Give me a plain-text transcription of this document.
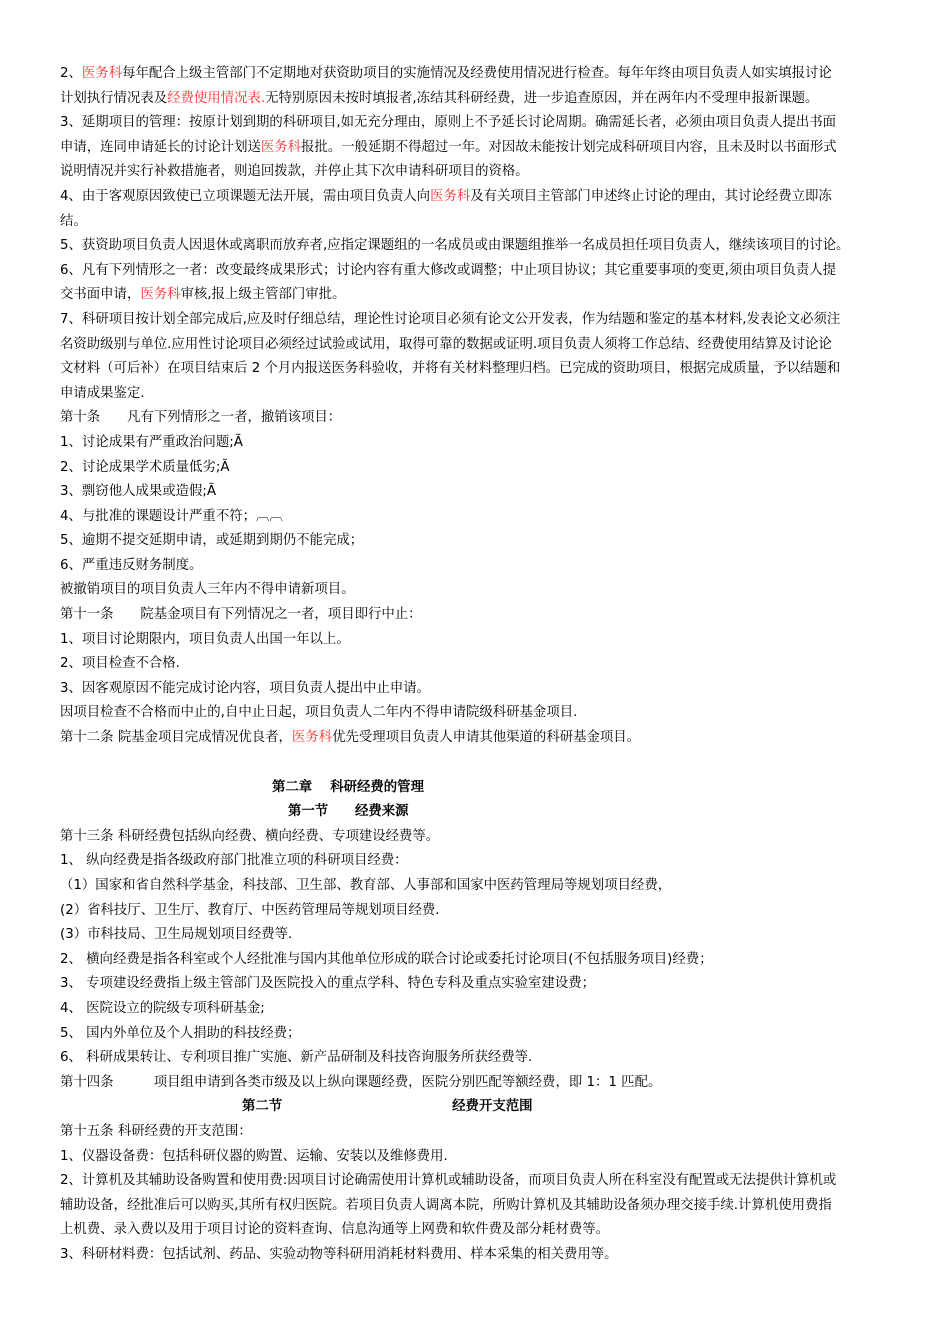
2、医务科每年配合上级主管部门不定期地对获资助项目的实施情况及经费使用情况进行检查。每年年终由项目负责人如实填报讨论
计划执行情况表及经费使用情况表.无特别原因未按时填报者,冻结其科研经费，进一步追查原因，并在两年内不受理申报新课题。
3、延期项目的管理：按原计划到期的科研项目,如无充分理由，原则上不予延长讨论周期。确需延长者，必须由项目负责人提出书面
申请，连同申请延长的讨论计划送医务科报批。一般延期不得超过一年。对因故未能按计划完成科研项目内容，且未及时以书面形式
说明情况并实行补救措施者，则追回拨款，并停止其下次申请科研项目的资格。
4、由于客观原因致使已立项课题无法开展，需由项目负责人向医务科及有关项目主管部门申述终止讨论的理由，其讨论经费立即冻
结。
5、获资助项目负责人因退休或离职而放弃者,应指定课题组的一名成员或由课题组推举一名成员担任项目负责人，继续该项目的讨论。
6、凡有下列情形之一者：改变最终成果形式；讨论内容有重大修改或调整；中止项目协议；其它重要事项的变更,须由项目负责人提
交书面申请，医务科审核,报上级主管部门审批。
7、科研项目按计划全部完成后,应及时仔细总结，理论性讨论项目必须有论文公开发表，作为结题和鉴定的基本材料,发表论文必须注
名资助级别与单位.应用性讨论项目必须经过试验或试用，取得可靠的数据或证明.项目负责人须将工作总结、经费使用结算及讨论论
文材料（可后补）在项目结束后 2 个月内报送医务科验收，并将有关材料整理归档。已完成的资助项目，根据完成质量，予以结题和
申请成果鉴定.
第十条　　凡有下列情形之一者，撤销该项目：
1、讨论成果有严重政治问题;Ã
2、讨论成果学术质量低劣;Ã
3、剽窃他人成果或造假;Ã
4、与批准的课题设计严重不符；︹︹
5、逾期不提交延期申请，或延期到期仍不能完成；
6、严重违反财务制度。
被撤销项目的项目负责人三年内不得申请新项目。
第十一条　　院基金项目有下列情况之一者，项目即行中止：
1、项目讨论期限内，项目负责人出国一年以上。
2、项目检查不合格.
3、因客观原因不能完成讨论内容，项目负责人提出中止申请。
因项目检查不合格而中止的,自中止日起，项目负责人二年内不得申请院级科研基金项目.
第十二条 院基金项目完成情况优良者，医务科优先受理项目负责人申请其他渠道的科研基金项目。
第二章　 科研经费的管理
第一节　　经费来源
第十三条 科研经费包括纵向经费、横向经费、专项建设经费等。
1、 纵向经费是指各级政府部门批准立项的科研项目经费：
（1）国家和省自然科学基金，科技部、卫生部、教育部、人事部和国家中医药管理局等规划项目经费，
(2）省科技厅、卫生厅、教育厅、中医药管理局等规划项目经费.
(3）市科技局、卫生局规划项目经费等.
2、 横向经费是指各科室或个人经批准与国内其他单位形成的联合讨论或委托讨论项目(不包括服务项目)经费；
3、 专项建设经费指上级主管部门及医院投入的重点学科、特色专科及重点实验室建设费；
4、 医院设立的院级专项科研基金;
5、 国内外单位及个人捐助的科技经费；
6、 科研成果转让、专利项目推广实施、新产品研制及科技咨询服务所获经费等.
第十四条　　　项目组申请到各类市级及以上纵向课题经费，医院分别匹配等额经费，即 1：1 匹配。
第二节	经费开支范围
第十五条 科研经费的开支范围：
1、仪器设备费：包括科研仪器的购置、运输、安装以及维修费用.
2、计算机及其辅助设备购置和使用费:因项目讨论确需使用计算机或辅助设备，而项目负责人所在科室没有配置或无法提供计算机或
辅助设备，经批准后可以购买,其所有权归医院。若项目负责人调离本院，所购计算机及其辅助设备须办理交接手续.计算机使用费指
上机费、录入费以及用于项目讨论的资料查询、信息沟通等上网费和软件费及部分耗材费等。
3、科研材料费：包括试剂、药品、实验动物等科研用消耗材料费用、样本采集的相关费用等。
